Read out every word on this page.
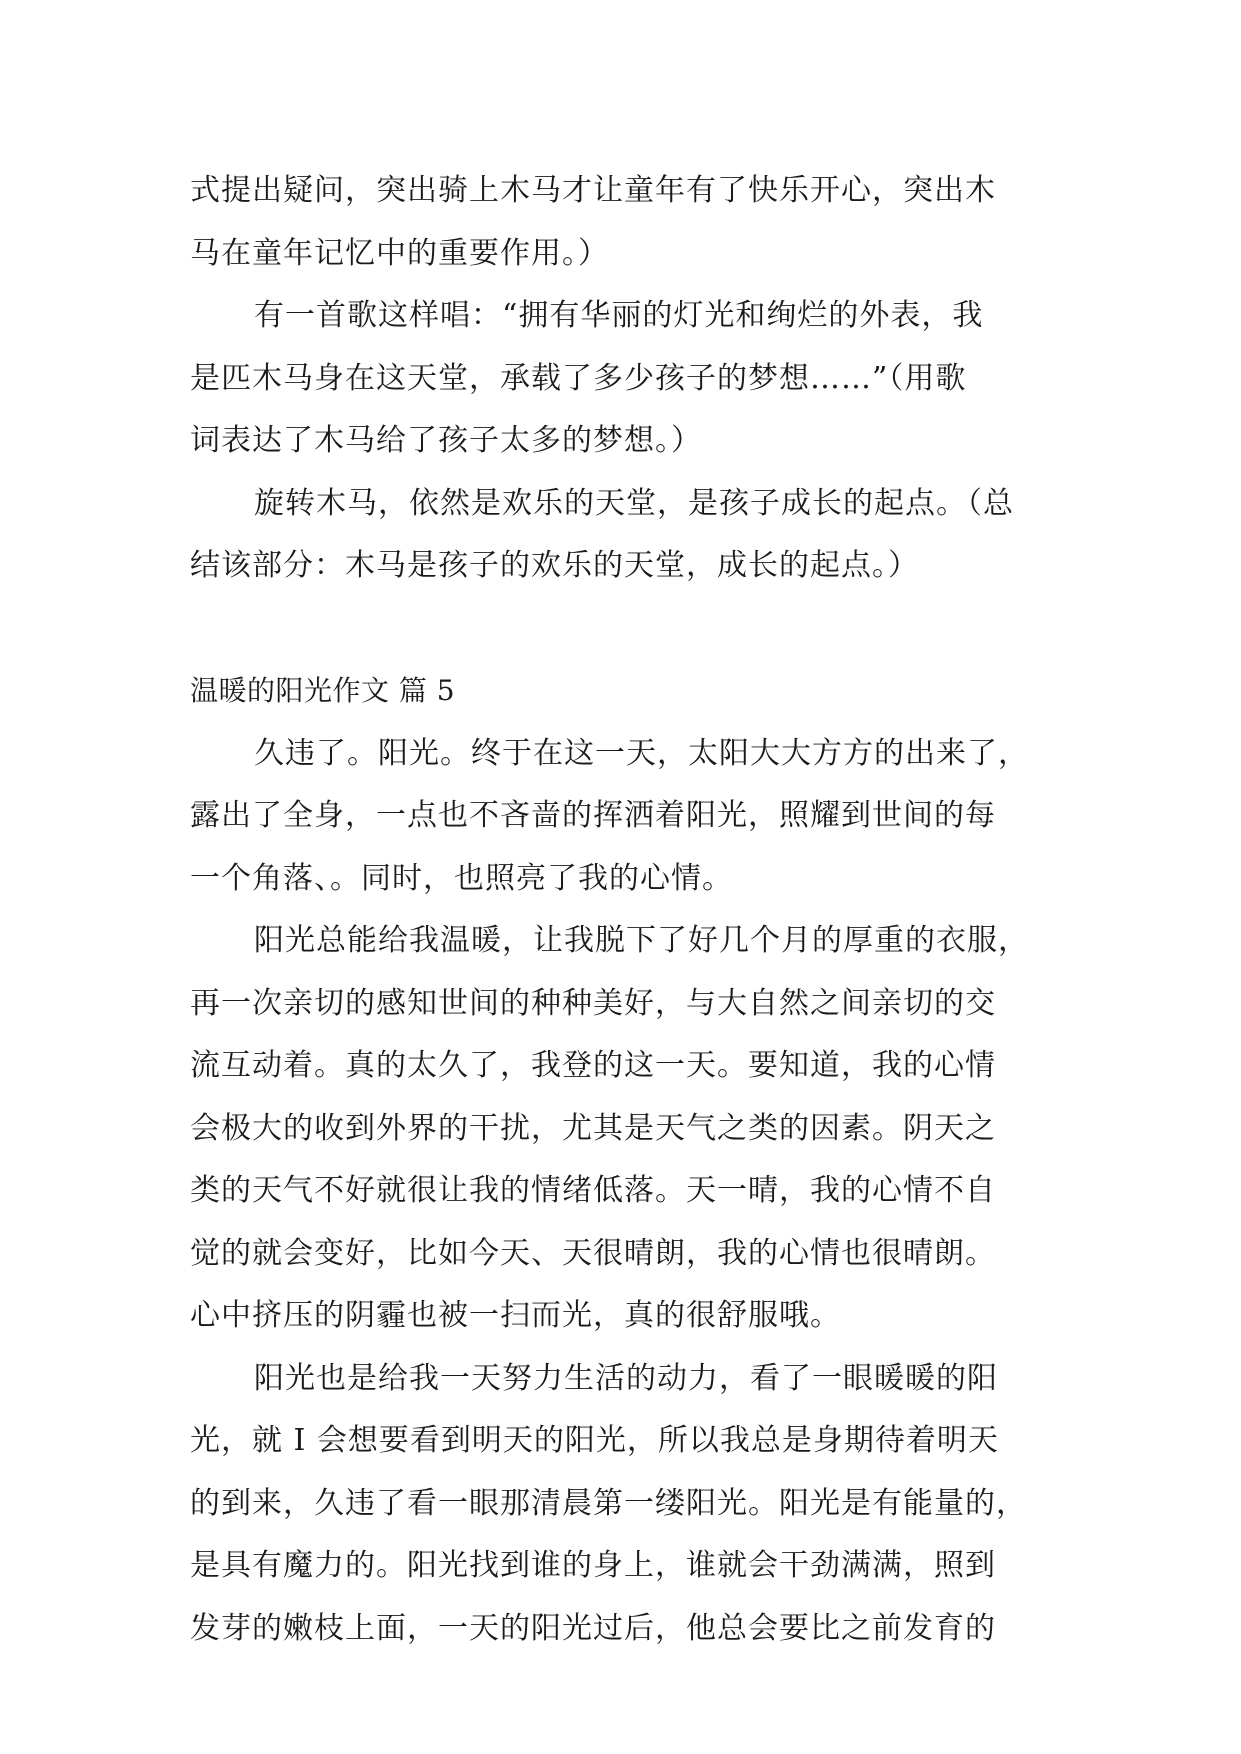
式提出疑问，突出骑上木马才让童年有了快乐开心，突出木
马在童年记忆中的重要作用。）
有一首歌这样唱：“拥有华丽的灯光和绚烂的外表，我
是匹木马身在这天堂，承载了多少孩子的梦想……”（用歌
词表达了木马给了孩子太多的梦想。）
旋转木马，依然是欢乐的天堂，是孩子成长的起点。（总
结该部分：木马是孩子的欢乐的天堂，成长的起点。）
温暖的阳光作文 篇 5
久违了。阳光。终于在这一天，太阳大大方方的出来了，
露出了全身，一点也不吝啬的挥洒着阳光，照耀到世间的每
一个角落、。同时，也照亮了我的心情。
阳光总能给我温暖，让我脱下了好几个月的厚重的衣服，
再一次亲切的感知世间的种种美好，与大自然之间亲切的交
流互动着。真的太久了，我登的这一天。要知道，我的心情
会极大的收到外界的干扰，尤其是天气之类的因素。阴天之
类的天气不好就很让我的情绪低落。天一晴，我的心情不自
觉的就会变好，比如今天、天很晴朗，我的心情也很晴朗。
心中挤压的阴霾也被一扫而光，真的很舒服哦。
阳光也是给我一天努力生活的动力，看了一眼暖暖的阳
光，就 I 会想要看到明天的阳光，所以我总是身期待着明天
的到来，久违了看一眼那清晨第一缕阳光。阳光是有能量的，
是具有魔力的。阳光找到谁的身上，谁就会干劲满满，照到
发芽的嫩枝上面，一天的阳光过后，他总会要比之前发育的
